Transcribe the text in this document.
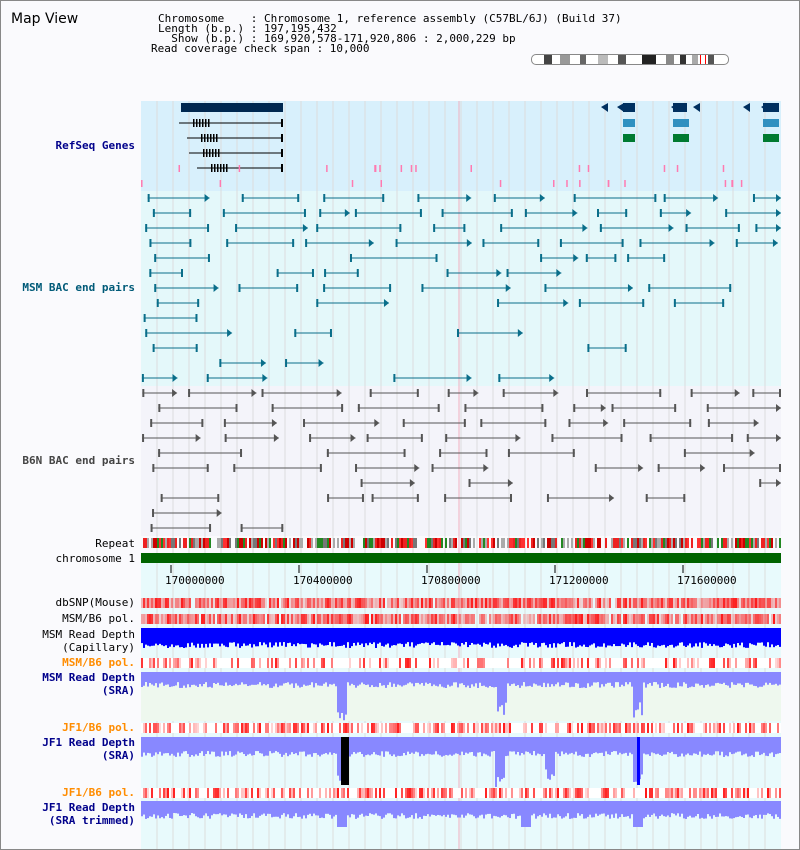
Map View	Chromosome    : Chromosome 1, reference assembly (C57BL/6J) (Build 37)
Length (b.p.) : 197,195,432
Show (b.p.) : 169,920,578-171,920,806 : 2,000,229 bp
Read coverage check span : 10,000
RefSeq Genes
MSM BAC end pairs
B6N BAC end pairs
Repeat
chromosome 1
170000000	170400000	170800000	171200000	171600000
dbSNP(Mouse)
MSM/B6 pol.
MSM Read Depth
(Capillary)
MSM/B6 pol.
MSM Read Depth
(SRA)
JF1/B6 pol.
JF1 Read Depth
(SRA)
JF1/B6 pol.
JF1 Read Depth
(SRA trimmed)
